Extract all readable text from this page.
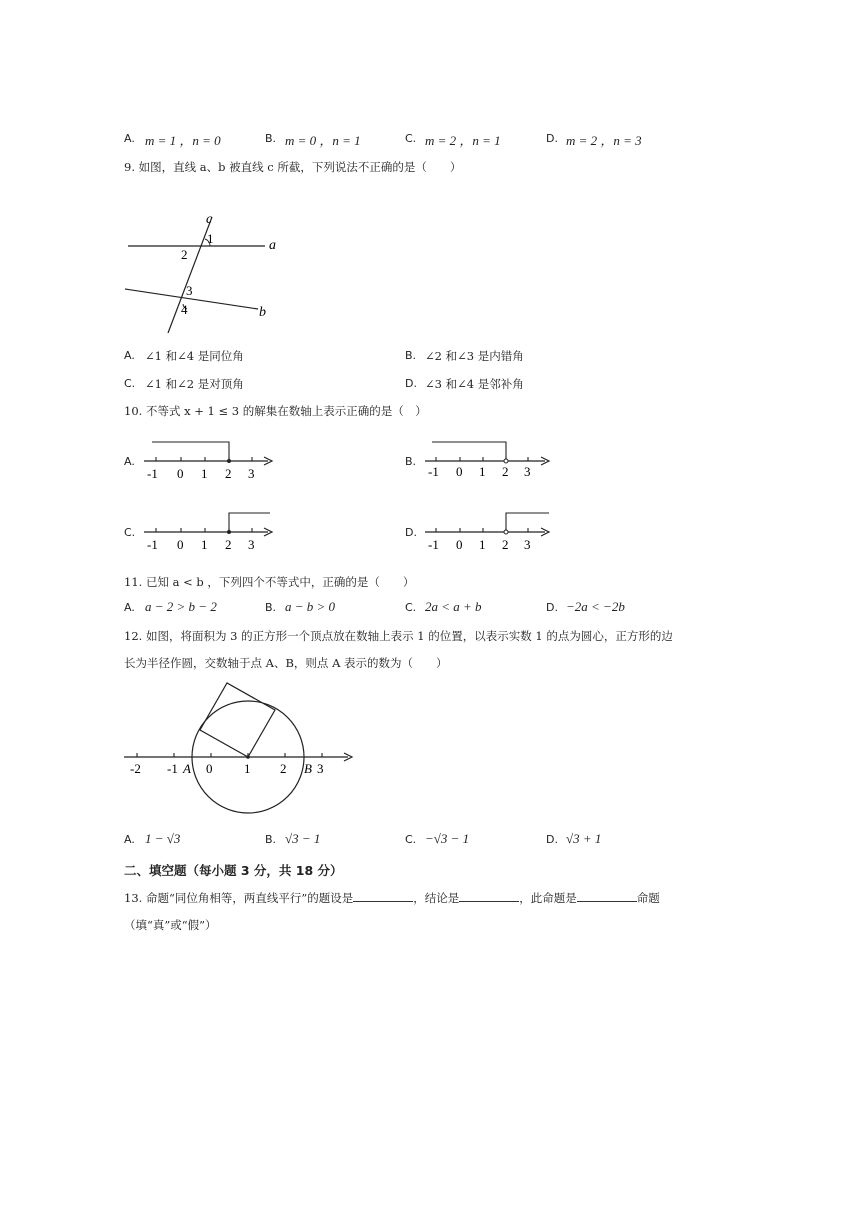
A. m = 1 ，n = 0	B. m = 0 ，n = 1	C. m = 2 ，n = 1	D. m = 2 ，n = 3
9. 如图，直线 a、b 被直线 c 所截，下列说法不正确的是（　　）
c
a
b
1
2
3
4
A. ∠1 和∠4 是同位角	B. ∠2 和∠3 是内错角
C. ∠1 和∠2 是对顶角	D. ∠3 和∠4 是邻补角
10. 不等式 x + 1 ≤ 3 的解集在数轴上表示正确的是（　）
A.
-1 0 1 2 3
B.
-1 0 1 2 3
C.
-1 0 1 2 3
D.
-1 0 1 2 3
11. 已知 a < b ，下列四个不等式中，正确的是（　　）
A. a − 2 > b − 2	B. a − b > 0	C. 2a < a + b	D. −2a < −2b
12. 如图，将面积为 3 的正方形一个顶点放在数轴上表示 1 的位置，以表示实数 1 的点为圆心，正方形的边
长为半径作圆，交数轴于点 A、B，则点 A 表示的数为（　　）
-2 -1 0 1 2 3
A	B
A. 1 − √3	B. √3 − 1	C. −√3 − 1	D. √3 + 1
二、填空题（每小题 3 分，共 18 分）
13. 命题“同位角相等，两直线平行”的题设是	，结论是	，此命题是	命题
（填“真”或“假”）
